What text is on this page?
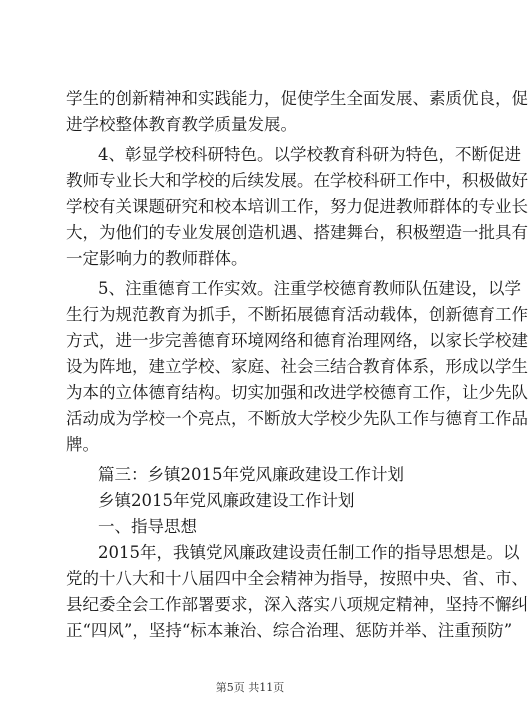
学生的创新精神和实践能力，促使学生全面发展、素质优良，促
进学校整体教育教学质量发展。
4、彰显学校科研特色。以学校教育科研为特色，不断促进
教师专业长大和学校的后续发展。在学校科研工作中，积极做好
学校有关课题研究和校本培训工作，努力促进教师群体的专业长
大，为他们的专业发展创造机遇、搭建舞台，积极塑造一批具有
一定影响力的教师群体。
5、注重德育工作实效。注重学校德育教师队伍建设，以学
生行为规范教育为抓手，不断拓展德育活动载体，创新德育工作
方式，进一步完善德育环境网络和德育治理网络，以家长学校建
设为阵地，建立学校、家庭、社会三结合教育体系，形成以学生
为本的立体德育结构。切实加强和改进学校德育工作，让少先队
活动成为学校一个亮点，不断放大学校少先队工作与德育工作品
牌。
篇三：乡镇2015年党风廉政建设工作计划
乡镇2015年党风廉政建设工作计划
一、指导思想
2015年，我镇党风廉政建设责任制工作的指导思想是。以
党的十八大和十八届四中全会精神为指导，按照中央、省、市、
县纪委全会工作部署要求，深入落实八项规定精神，坚持不懈纠
正“四风”，坚持“标本兼治、综合治理、惩防并举、注重预防”
第5页 共11页
